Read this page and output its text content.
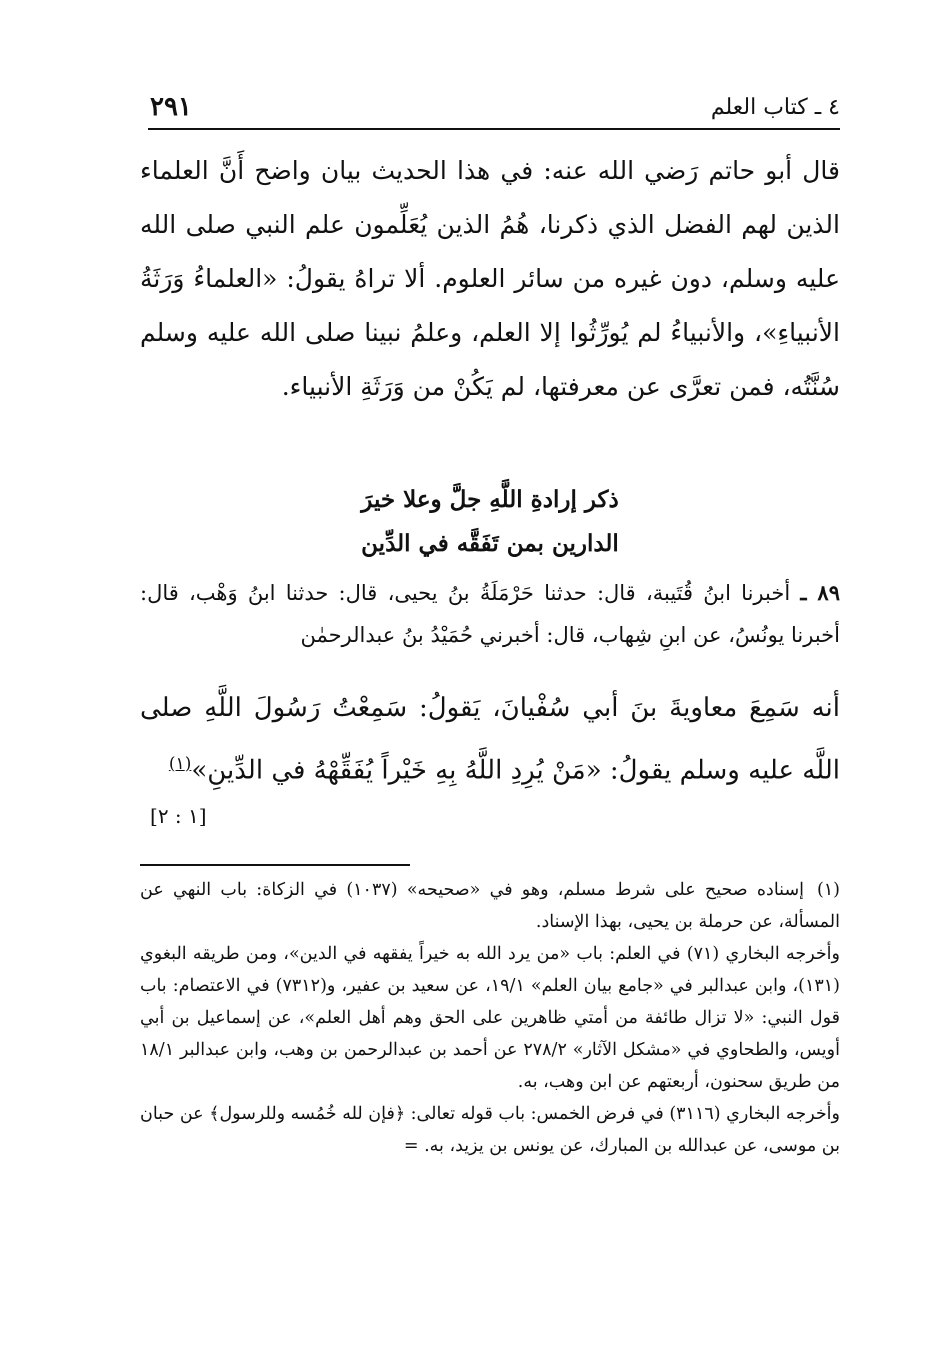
٤ ـ كتاب العلم
٢٩١

قال أبو حاتم رَضي الله عنه: في هذا الحديث بيان واضح أَنَّ العلماء الذين لهم الفضل الذي ذكرنا، هُمُ الذين يُعَلِّمون علم النبي صلى الله عليه وسلم، دون غيره من سائر العلوم. ألا تراهُ يقولُ: «العلماءُ وَرَثَةُ الأنبياءِ»، والأنبياءُ لم يُورِّثُوا إلا العلم، وعلمُ نبينا صلى الله عليه وسلم سُنَّتُه، فمن تعرَّى عن معرفتها، لم يَكُنْ من وَرَثَةِ الأنبياء.

ذكر إرادةِ اللَّهِ جلَّ وعلا خيرَ
الدارين بمن تَفَقَّه في الدِّين

٨٩ ـ أخبرنا ابنُ قُتَيبة، قال: حدثنا حَرْمَلَةُ بنُ يحيى، قال: حدثنا ابنُ وَهْب، قال: أخبرنا يونُسُ، عن ابنِ شِهاب، قال: أخبرني حُمَيْدُ بنُ عبدالرحمٰن

أنه سَمِعَ معاويةَ بنَ أبي سُفْيانَ، يَقولُ: سَمِعْتُ رَسُولَ اللَّهِ صلى اللَّه عليه وسلم يقولُ: «مَنْ يُرِدِ اللَّهُ بِهِ خَيْراً يُفَقِّهْهُ في الدِّينِ»$^{(١)}$

[١ : ٢]

(١)إسناده صحيح على شرط مسلم، وهو في «صحيحه» (١٠٣٧) في الزكاة: باب النهي عن المسألة، عن حرملة بن يحيى، بهذا الإسناد.

وأخرجه البخاري (٧١) في العلم: باب «من يرد الله به خيراً يفقهه في الدين»، ومن طريقه البغوي (١٣١)، وابن عبدالبر في «جامع بيان العلم» ١٩/١، عن سعيد بن عفير، و(٧٣١٢) في الاعتصام: باب قول النبي: «لا تزال طائفة من أمتي ظاهرين على الحق وهم أهل العلم»، عن إسماعيل بن أبي أويس، والطحاوي في «مشكل الآثار» ٢٧٨/٢ عن أحمد بن عبدالرحمن بن وهب، وابن عبدالبر ١٨/١ من طريق سحنون، أربعتهم عن ابن وهب، به.

وأخرجه البخاري (٣١١٦) في فرض الخمس: باب قوله تعالى: ﴿فإن لله خُمُسه وللرسول﴾ عن حبان بن موسى، عن عبدالله بن المبارك، عن يونس بن يزيد، به. =
